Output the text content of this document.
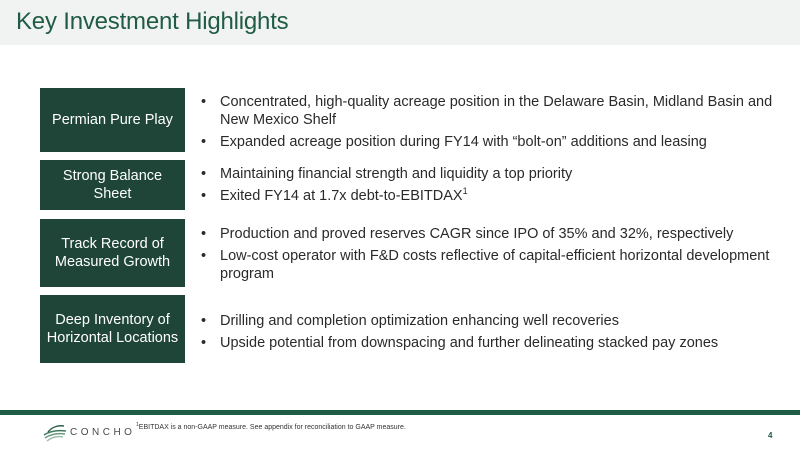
Key Investment Highlights
Permian Pure Play
• Concentrated, high-quality acreage position in the Delaware Basin, Midland Basin and New Mexico Shelf
• Expanded acreage position during FY14 with “bolt-on” additions and leasing
Strong Balance Sheet
• Maintaining financial strength and liquidity a top priority
• Exited FY14 at 1.7x debt-to-EBITDAX$^1$
Track Record of Measured Growth
• Production and proved reserves CAGR since IPO of 35% and 32%, respectively
• Low-cost operator with F&D costs reflective of capital-efficient horizontal development program
Deep Inventory of Horizontal Locations
• Drilling and completion optimization enhancing well recoveries
• Upside potential from downspacing and further delineating stacked pay zones
CONCHO
$^1$EBITDAX is a non-GAAP measure. See appendix for reconciliation to GAAP measure.
4
